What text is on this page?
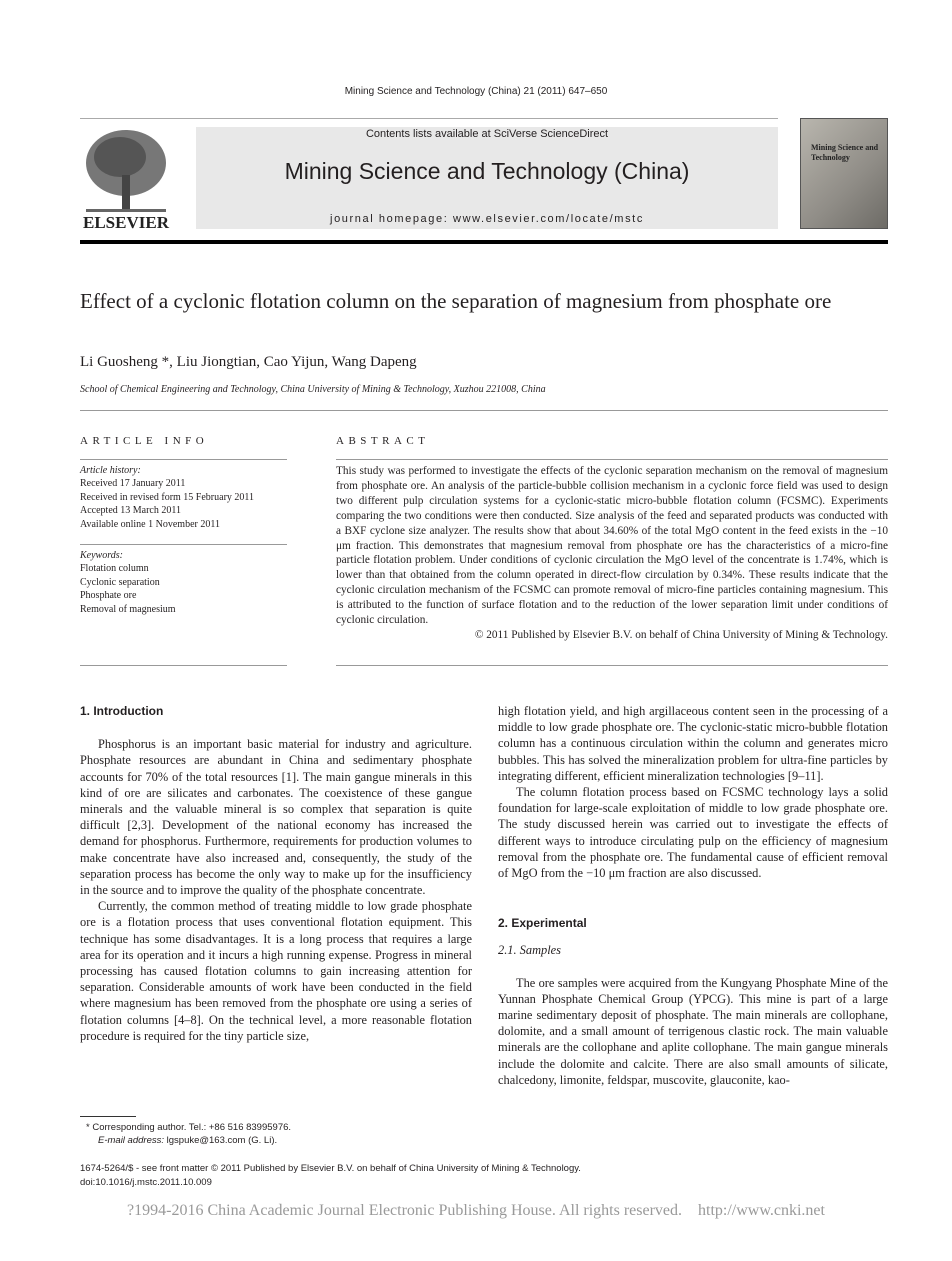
Mining Science and Technology (China) 21 (2011) 647–650
ELSEVIER
Contents lists available at SciVerse ScienceDirect
Mining Science and Technology (China)
journal homepage: www.elsevier.com/locate/mstc
Mining Science and Technology
Effect of a cyclonic flotation column on the separation of magnesium from phosphate ore
Li Guosheng *, Liu Jiongtian, Cao Yijun, Wang Dapeng
School of Chemical Engineering and Technology, China University of Mining & Technology, Xuzhou 221008, China
ARTICLE INFO
Article history:
Received 17 January 2011
Received in revised form 15 February 2011
Accepted 13 March 2011
Available online 1 November 2011
Keywords:
Flotation column
Cyclonic separation
Phosphate ore
Removal of magnesium
ABSTRACT
This study was performed to investigate the effects of the cyclonic separation mechanism on the removal of magnesium from phosphate ore. An analysis of the particle-bubble collision mechanism in a cyclonic force field was used to design two different pulp circulation systems for a cyclonic-static micro-bubble flotation column (FCSMC). Experiments comparing the two conditions were then conducted. Size analysis of the feed and separated products was conducted with a BXF cyclone size analyzer. The results show that about 34.60% of the total MgO content in the feed exists in the −10 μm fraction. This demonstrates that magnesium removal from phosphate ore has the characteristics of a micro-fine particle flotation problem. Under conditions of cyclonic circulation the MgO level of the concentrate is 1.74%, which is lower than that obtained from the column operated in direct-flow circulation by 0.34%. These results indicate that the cyclonic circulation mechanism of the FCSMC can promote removal of micro-fine particles containing magnesium. This is attributed to the function of surface flotation and to the reduction of the lower separation limit under conditions of cyclonic circulation.
© 2011 Published by Elsevier B.V. on behalf of China University of Mining & Technology.
1. Introduction

Phosphorus is an important basic material for industry and agriculture. Phosphate resources are abundant in China and sedimentary phosphate accounts for 70% of the total resources [1]. The main gangue minerals in this kind of ore are silicates and carbonates. The coexistence of these gangue minerals and the valuable mineral is so complex that separation is quite difficult [2,3]. Development of the national economy has increased the demand for phosphorus. Furthermore, requirements for production volumes to make concentrate have also increased and, consequently, the study of the separation process has become the only way to make up for the insufficiency in the source and to improve the quality of the phosphate concentrate.

Currently, the common method of treating middle to low grade phosphate ore is a flotation process that uses conventional flotation equipment. This technique has some disadvantages. It is a long process that requires a large area for its operation and it incurs a high running expense. Progress in mineral processing has caused flotation columns to gain increasing attention for separation. Considerable amounts of work have been conducted in the field where magnesium has been removed from the phosphate ore using a series of flotation columns [4–8]. On the technical level, a more reasonable flotation procedure is required for the tiny particle size,

high flotation yield, and high argillaceous content seen in the processing of a middle to low grade phosphate ore. The cyclonic-static micro-bubble flotation column has a continuous circulation within the column and generates micro bubbles. This has solved the mineralization problem for ultra-fine particles by integrating different, efficient mineralization technologies [9–11].

The column flotation process based on FCSMC technology lays a solid foundation for large-scale exploitation of middle to low grade phosphate ore. The study discussed herein was carried out to investigate the effects of different ways to introduce circulating pulp on the efficiency of magnesium removal from the phosphate ore. The fundamental cause of efficient removal of MgO from the −10 μm fraction are also discussed.

2. Experimental
2.1. Samples

The ore samples were acquired from the Kungyang Phosphate Mine of the Yunnan Phosphate Chemical Group (YPCG). This mine is part of a large marine sedimentary deposit of phosphate. The main minerals are collophane, dolomite, and a small amount of terrigenous clastic rock. The main valuable minerals are the collophane and aplite collophane. The main gangue minerals include the dolomite and calcite. There are also small amounts of silicate, chalcedony, limonite, feldspar, muscovite, glauconite, kao-

* Corresponding author. Tel.: +86 516 83995976.
E-mail address: lgspuke@163.com (G. Li).
1674-5264/$ - see front matter © 2011 Published by Elsevier B.V. on behalf of China University of Mining & Technology.
doi:10.1016/j.mstc.2011.10.009
?1994-2016 China Academic Journal Electronic Publishing House. All rights reserved.    http://www.cnki.net
